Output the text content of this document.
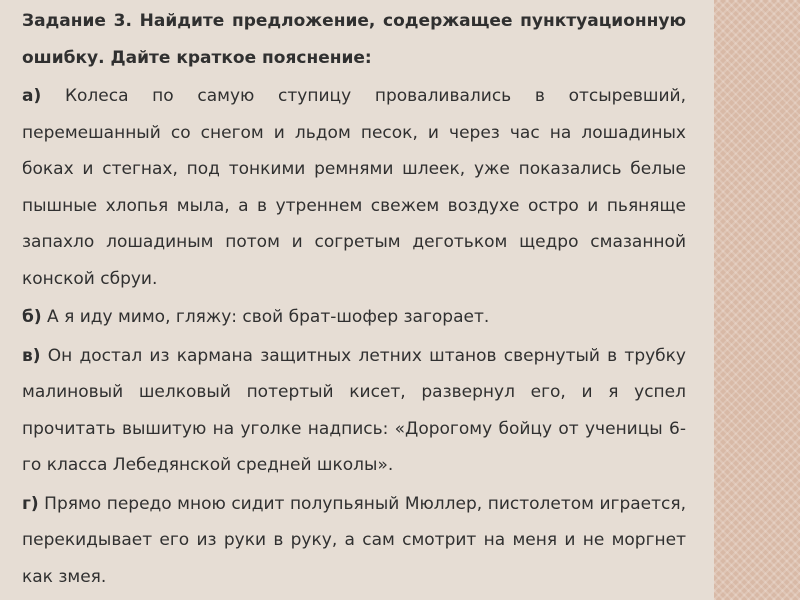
Задание 3. Найдите предложение, содержащее пунктуационную ошибку. Дайте краткое пояснение:

а) Колеса по самую ступицу проваливались в отсыревший, перемешанный со снегом и льдом песок, и через час на лошадиных боках и стегнах, под тонкими ремнями шлеек, уже показались белые пышные хлопья мыла, а в утреннем свежем воздухе остро и пьяняще запахло лошадиным потом и согретым деготьком щедро смазанной конской сбруи.

б) А я иду мимо, гляжу: свой брат-шофер загорает.

в) Он достал из кармана защитных летних штанов свернутый в трубку малиновый шелковый потертый кисет, развернул его, и я успел прочитать вышитую на уголке надпись: «Дорогому бойцу от ученицы 6-го класса Лебедянской средней школы».

г) Прямо передо мною сидит полупьяный Мюллер, пистолетом играется, перекидывает его из руки в руку, а сам смотрит на меня и не моргнет как змея.
